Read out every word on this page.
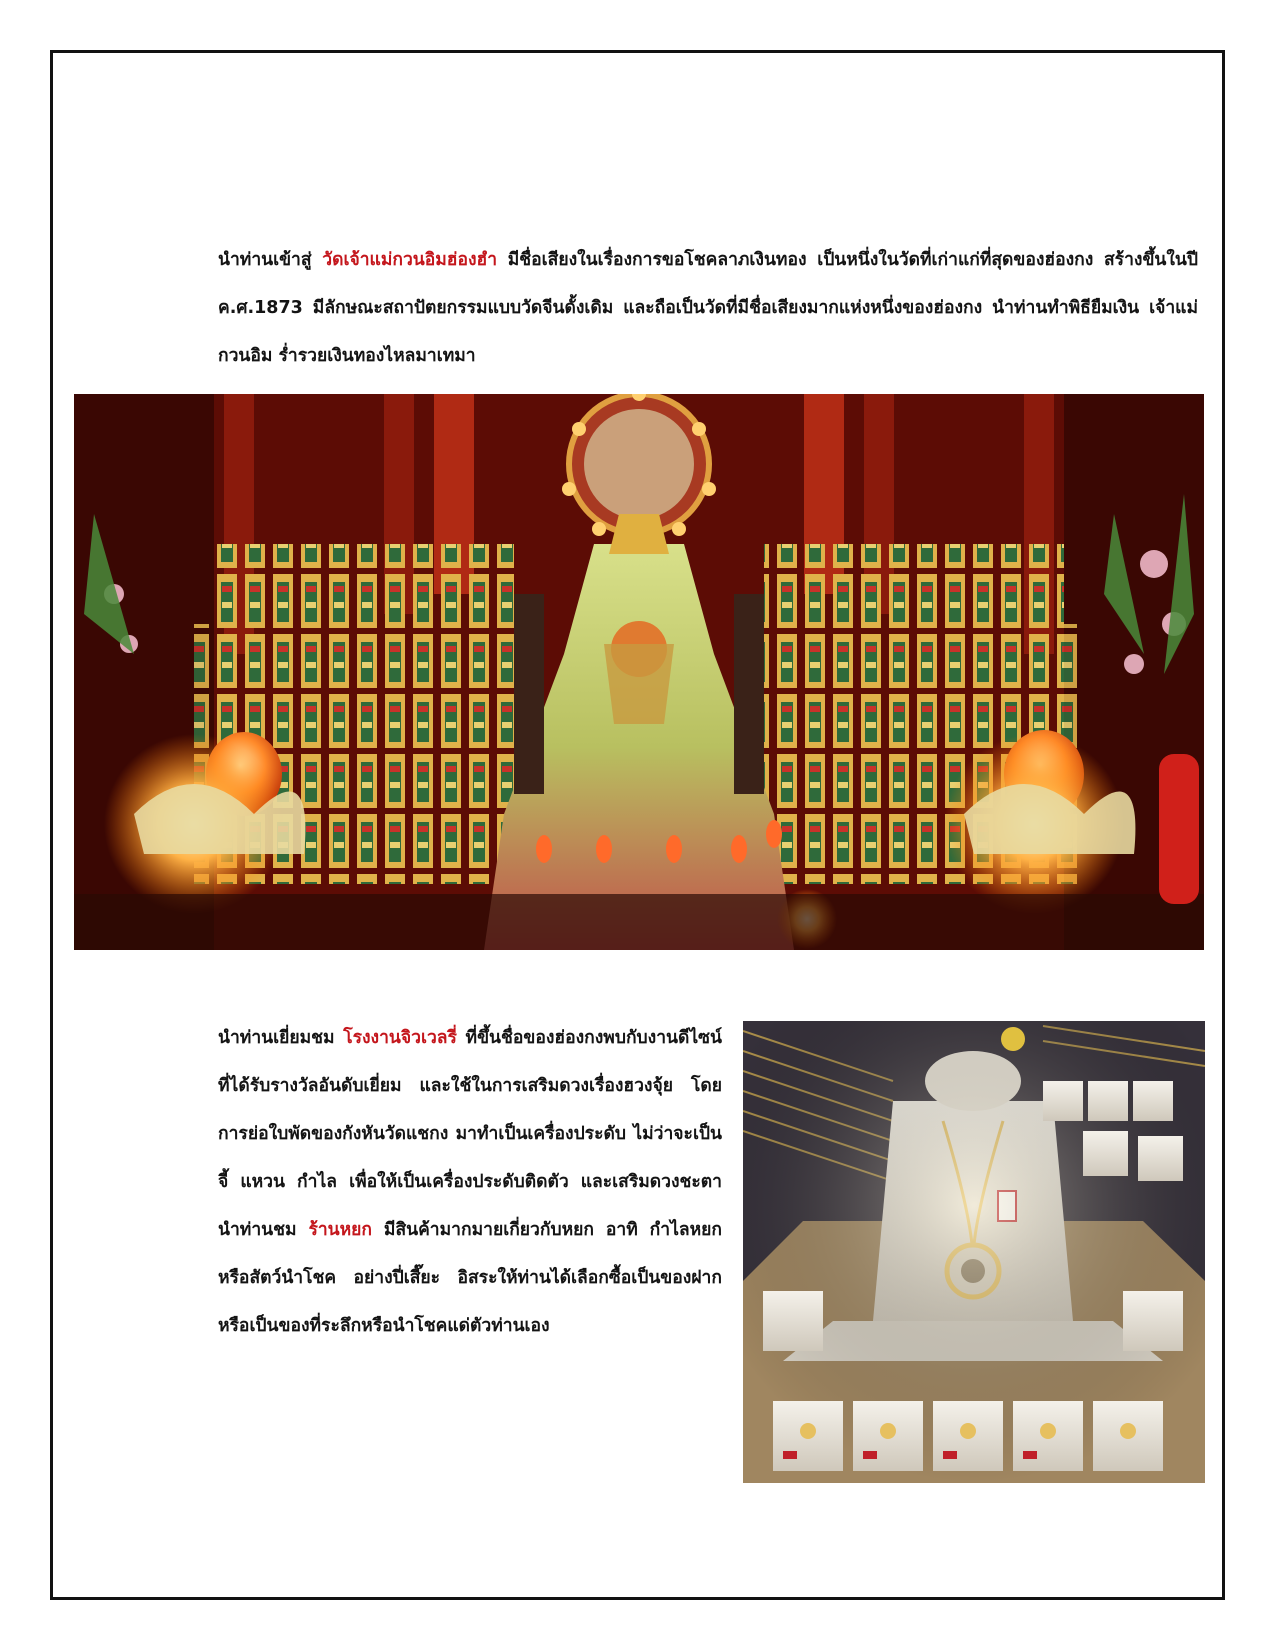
นำท่านเข้าสู่ วัดเจ้าแม่กวนอิมฮ่องฮำ มีชื่อเสียงในเรื่องการขอโชคลาภเงินทอง เป็นหนึ่งในวัดที่เก่าแก่ที่สุดของฮ่องกง สร้างขึ้นในปี ค.ศ.1873 มีลักษณะสถาปัตยกรรมแบบวัดจีนดั้งเดิม และถือเป็นวัดที่มีชื่อเสียงมากแห่งหนึ่งของฮ่องกง นำท่านทำพิธียืมเงิน เจ้าแม่กวนอิม ร่ำรวยเงินทองไหลมาเทมา

นำท่านเยี่ยมชม โรงงานจิวเวลรี่ ที่ขึ้นชื่อของฮ่องกงพบกับงานดีไซน์ที่ได้รับรางวัลอันดับเยี่ยม และใช้ในการเสริมดวงเรื่องฮวงจุ้ย โดยการย่อใบพัดของกังหันวัดแชกง มาทำเป็นเครื่องประดับ ไม่ว่าจะเป็น จี้ แหวน กำไล เพื่อให้เป็นเครื่องประดับติดตัว และเสริมดวงชะตา นำท่านชม ร้านหยก มีสินค้ามากมายเกี่ยวกับหยก อาทิ กำไลหยก หรือสัตว์นำโชค อย่างปี่เสี๊ยะ อิสระให้ท่านได้เลือกซื้อเป็นของฝาก หรือเป็นของที่ระลึกหรือนำโชคแด่ตัวท่านเอง
